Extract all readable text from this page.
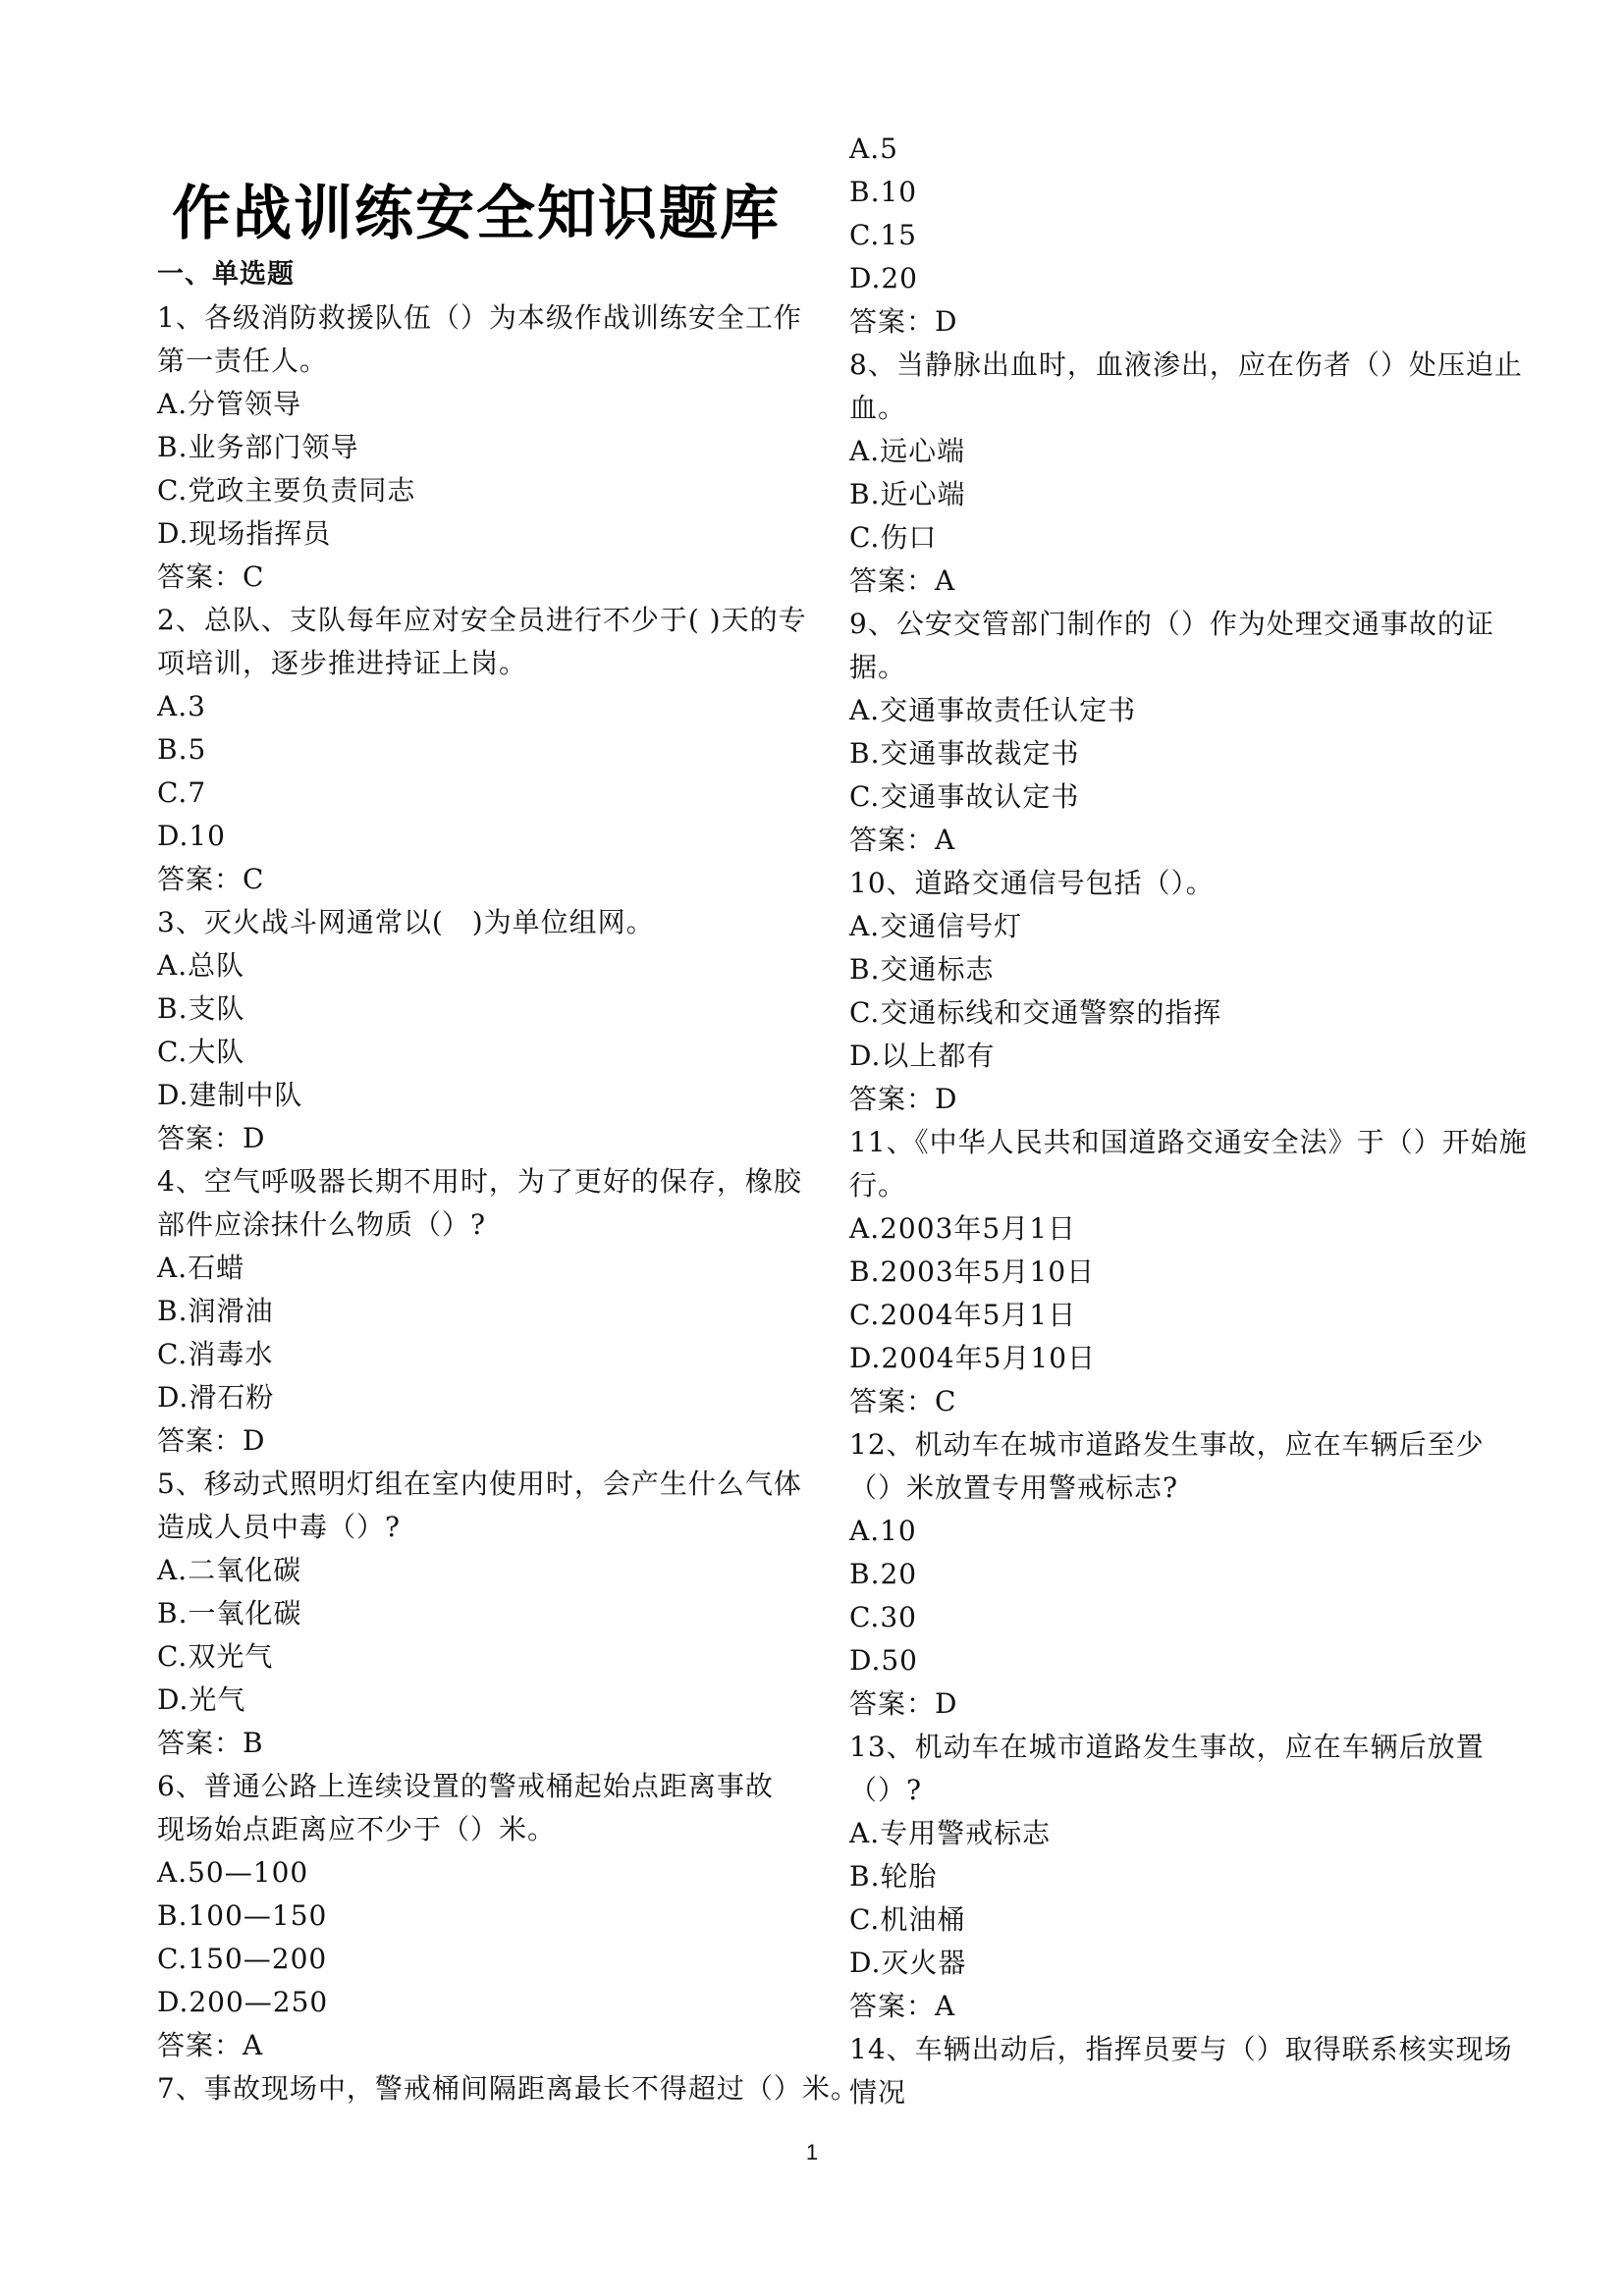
作战训练安全知识题库
一、单选题
1、各级消防救援队伍（）为本级作战训练安全工作
第一责任人。
A.分管领导
B.业务部门领导
C.党政主要负责同志
D.现场指挥员
答案：C
2、总队、支队每年应对安全员进行不少于( )天的专
项培训，逐步推进持证上岗。
A.3
B.5
C.7
D.10
答案：C
3、灭火战斗网通常以(　)为单位组网。
A.总队
B.支队
C.大队
D.建制中队
答案：D
4、空气呼吸器长期不用时，为了更好的保存，橡胶
部件应涂抹什么物质（）?
A.石蜡
B.润滑油
C.消毒水
D.滑石粉
答案：D
5、移动式照明灯组在室内使用时，会产生什么气体
造成人员中毒（）?
A.二氧化碳
B.一氧化碳
C.双光气
D.光气
答案：B
6、普通公路上连续设置的警戒桶起始点距离事故
现场始点距离应不少于（）米。
A.50—100
B.100—150
C.150—200
D.200—250
答案：A
7、事故现场中，警戒桶间隔距离最长不得超过（）米。
A.5
B.10
C.15
D.20
答案：D
8、当静脉出血时，血液渗出，应在伤者（）处压迫止
血。
A.远心端
B.近心端
C.伤口
答案：A
9、公安交管部门制作的（）作为处理交通事故的证
据。
A.交通事故责任认定书
B.交通事故裁定书
C.交通事故认定书
答案：A
10、道路交通信号包括（）。
A.交通信号灯
B.交通标志
C.交通标线和交通警察的指挥
D.以上都有
答案：D
11、《中华人民共和国道路交通安全法》于（）开始施
行。
A.2003年5月1日
B.2003年5月10日
C.2004年5月1日
D.2004年5月10日
答案：C
12、机动车在城市道路发生事故，应在车辆后至少
（）米放置专用警戒标志?
A.10
B.20
C.30
D.50
答案：D
13、机动车在城市道路发生事故，应在车辆后放置
（）?
A.专用警戒标志
B.轮胎
C.机油桶
D.灭火器
答案：A
14、车辆出动后，指挥员要与（）取得联系核实现场
情况
1
